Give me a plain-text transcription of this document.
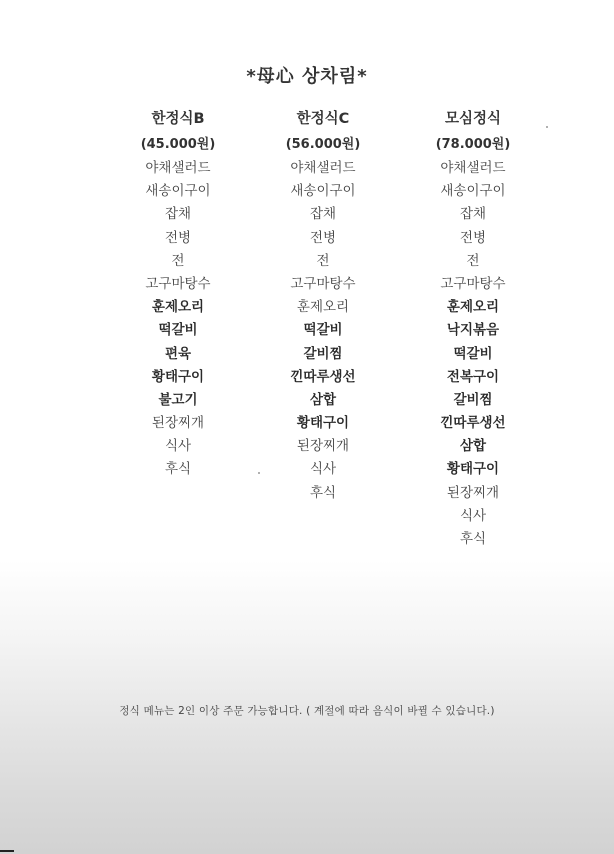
*母心 상차림*
한정식B
(45.000원)
야채샐러드
새송이구이
잡채
전병
전
고구마탕수
훈제오리
떡갈비
편육
황태구이
불고기
된장찌개
식사
후식
한정식C
(56.000원)
야채샐러드
새송이구이
잡채
전병
전
고구마탕수
훈제오리
떡갈비
갈비찜
낀따루생선
삼합
황태구이
된장찌개
식사
후식
모심정식
(78.000원)
야채샐러드
새송이구이
잡채
전병
전
고구마탕수
훈제오리
낙지볶음
떡갈비
전복구이
갈비찜
낀따루생선
삼합
황태구이
된장찌개
식사
후식
정식 메뉴는 2인 이상 주문 가능합니다. ( 계절에 따라 음식이 바뀔 수 있습니다.)
